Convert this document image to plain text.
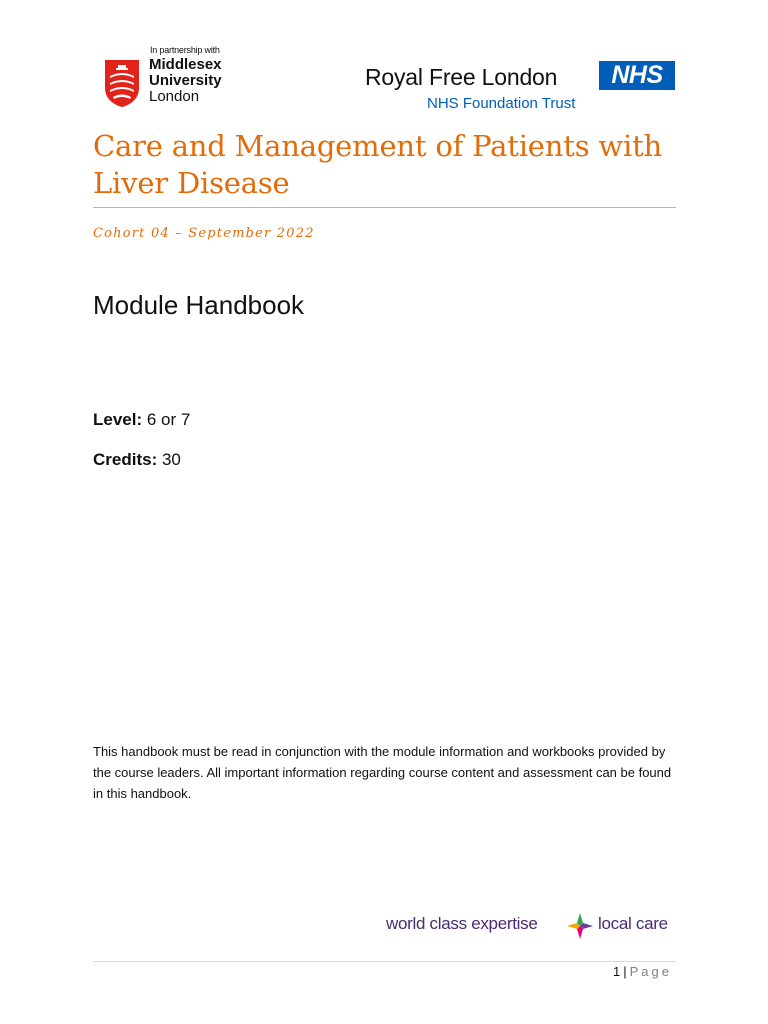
In partnership with
Middlesex
University
London
Royal Free London	NHS
NHS Foundation Trust
Care and Management of Patients with
Liver Disease
Cohort 04 – September 2022
Module Handbook
Level: 6 or 7
Credits: 30

This handbook must be read in conjunction with the module information and workbooks provided by the course leaders. All important information regarding course content and assessment can be found in this handbook.

world class expertise	local care
1 | Page
